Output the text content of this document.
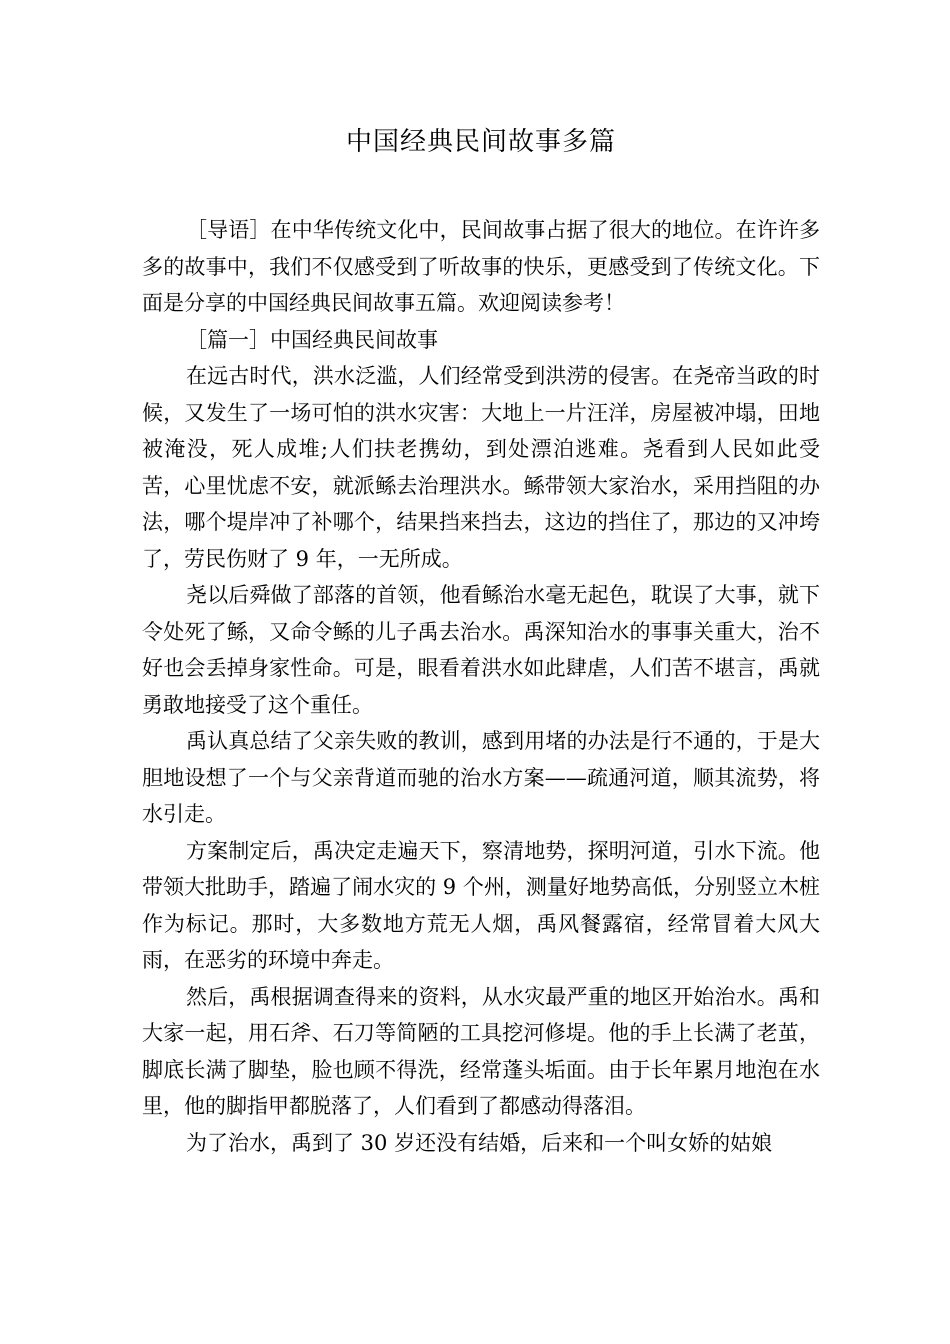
中国经典民间故事多篇

［导语］在中华传统文化中，民间故事占据了很大的地位。在许许多多的故事中，我们不仅感受到了听故事的快乐，更感受到了传统文化。下面是分享的中国经典民间故事五篇。欢迎阅读参考！

［篇一］中国经典民间故事

在远古时代，洪水泛滥，人们经常受到洪涝的侵害。在尧帝当政的时候，又发生了一场可怕的洪水灾害：大地上一片汪洋，房屋被冲塌，田地被淹没，死人成堆;人们扶老携幼，到处漂泊逃难。尧看到人民如此受苦，心里忧虑不安，就派鲧去治理洪水。鲧带领大家治水，采用挡阻的办法，哪个堤岸冲了补哪个，结果挡来挡去，这边的挡住了，那边的又冲垮了，劳民伤财了 9 年，一无所成。

尧以后舜做了部落的首领，他看鲧治水毫无起色，耽误了大事，就下令处死了鲧，又命令鲧的儿子禹去治水。禹深知治水的事事关重大，治不好也会丢掉身家性命。可是，眼看着洪水如此肆虐，人们苦不堪言，禹就勇敢地接受了这个重任。

禹认真总结了父亲失败的教训，感到用堵的办法是行不通的，于是大胆地设想了一个与父亲背道而驰的治水方案——疏通河道，顺其流势，将水引走。

方案制定后，禹决定走遍天下，察清地势，探明河道，引水下流。他带领大批助手，踏遍了闹水灾的 9 个州，测量好地势高低，分别竖立木桩作为标记。那时，大多数地方荒无人烟，禹风餐露宿，经常冒着大风大雨，在恶劣的环境中奔走。

然后，禹根据调查得来的资料，从水灾最严重的地区开始治水。禹和大家一起，用石斧、石刀等简陋的工具挖河修堤。他的手上长满了老茧，脚底长满了脚垫，脸也顾不得洗，经常蓬头垢面。由于长年累月地泡在水里，他的脚指甲都脱落了，人们看到了都感动得落泪。

为了治水，禹到了 30 岁还没有结婚，后来和一个叫女娇的姑娘
